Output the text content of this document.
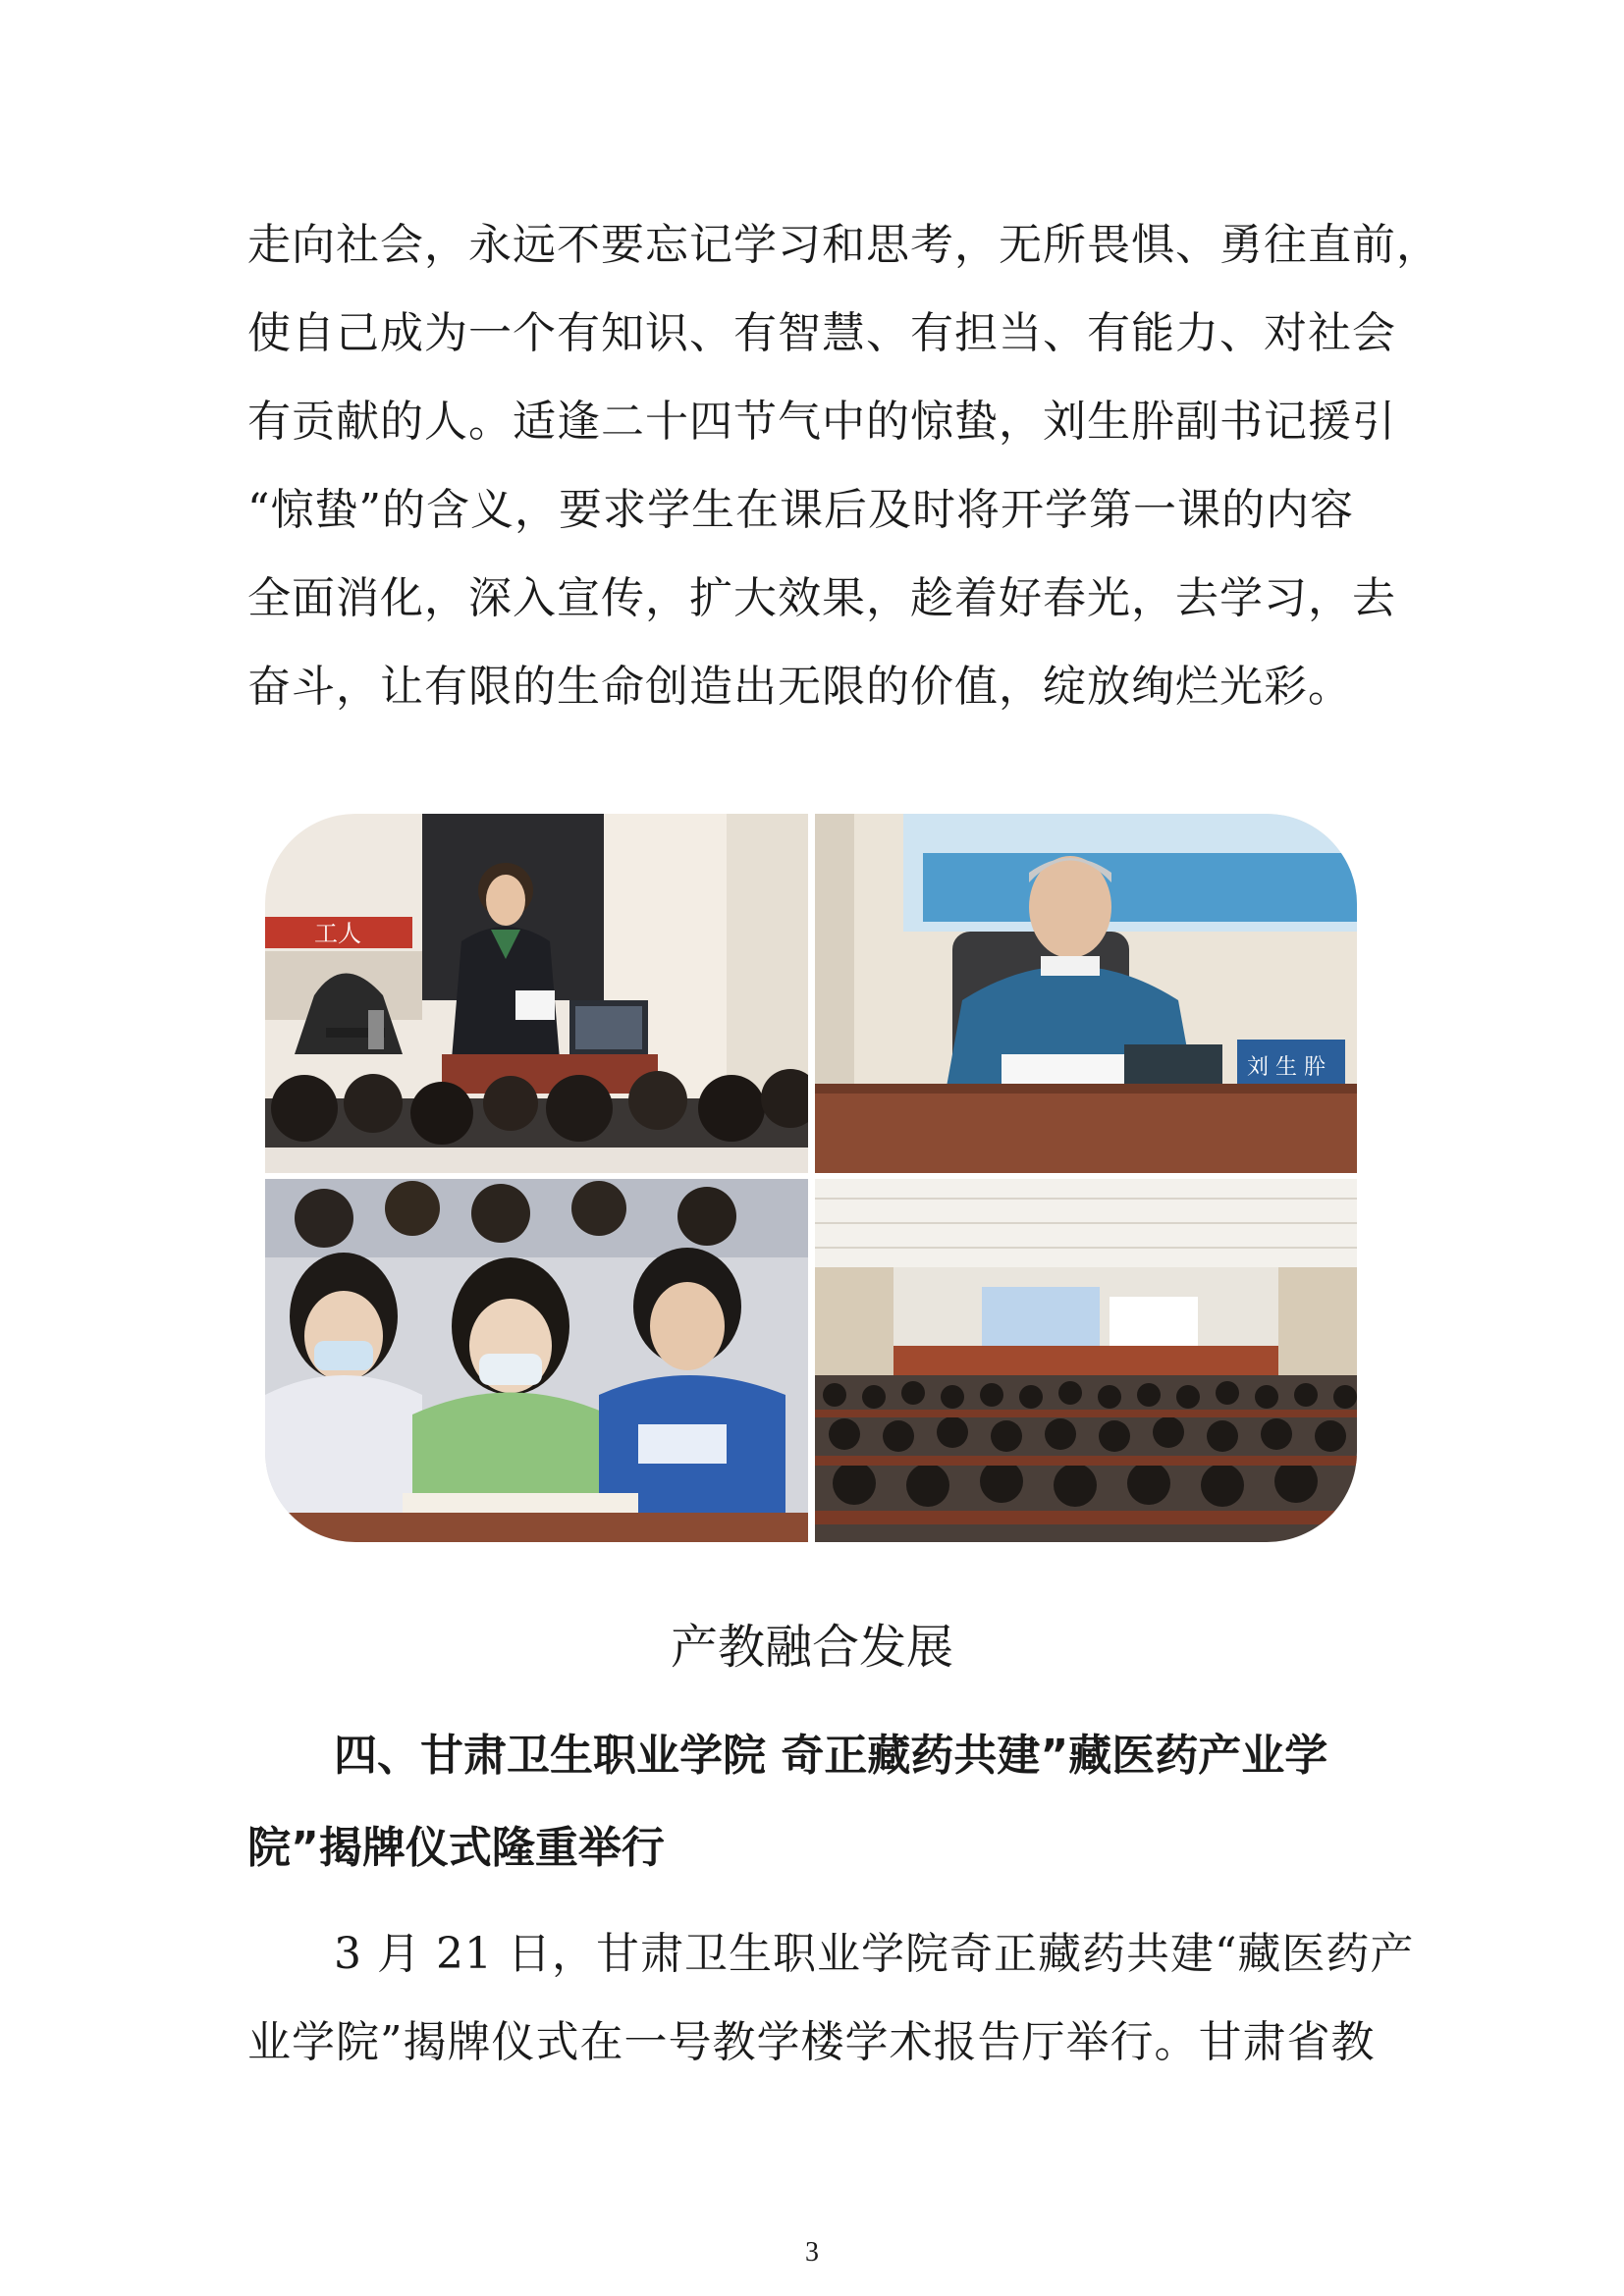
走向社会，永远不要忘记学习和思考，无所畏惧、勇往直前，
使自己成为一个有知识、有智慧、有担当、有能力、对社会
有贡献的人。适逢二十四节气中的惊蛰，刘生肸副书记援引
“惊蛰”的含义，要求学生在课后及时将开学第一课的内容
全面消化，深入宣传，扩大效果，趁着好春光，去学习，去
奋斗，让有限的生命创造出无限的价值，绽放绚烂光彩。
工人
刘 生 肸
产教融合发展
四、甘肃卫生职业学院 奇正藏药共建”藏医药产业学
院”揭牌仪式隆重举行
3 月 21 日，甘肃卫生职业学院奇正藏药共建“藏医药产
业学院”揭牌仪式在一号教学楼学术报告厅举行。甘肃省教
3
